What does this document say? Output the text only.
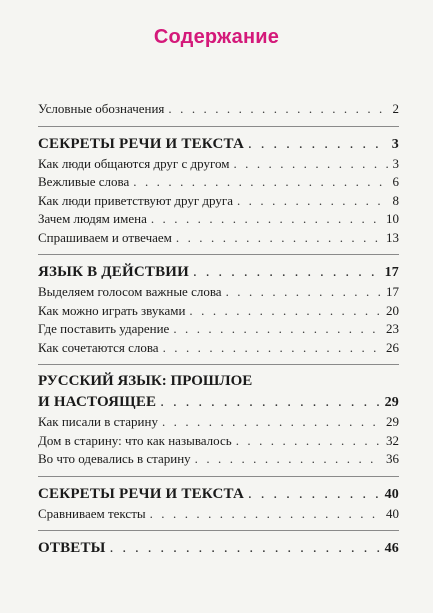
Содержание
Условные обозначения . . .	2
СЕКРЕТЫ РЕЧИ И ТЕКСТА . . .	3
Как люди общаются друг с другом . . .	3
Вежливые слова . . .	6
Как люди приветствуют друг друга . . .	8
Зачем людям имена . . .	10
Спрашиваем и отвечаем . . .	13
ЯЗЫК В ДЕЙСТВИИ . . .	17
Выделяем голосом важные слова . . .	17
Как можно играть звуками . . .	20
Где поставить ударение . . .	23
Как сочетаются слова . . .	26
РУССКИЙ ЯЗЫК: ПРОШЛОЕ
И НАСТОЯЩЕЕ . . .	29
Как писали в старину . . .	29
Дом в старину: что как называлось . . .	32
Во что одевались в старину . . .	36
СЕКРЕТЫ РЕЧИ И ТЕКСТА . . .	40
Сравниваем тексты . . .	40
ОТВЕТЫ . . .	46
